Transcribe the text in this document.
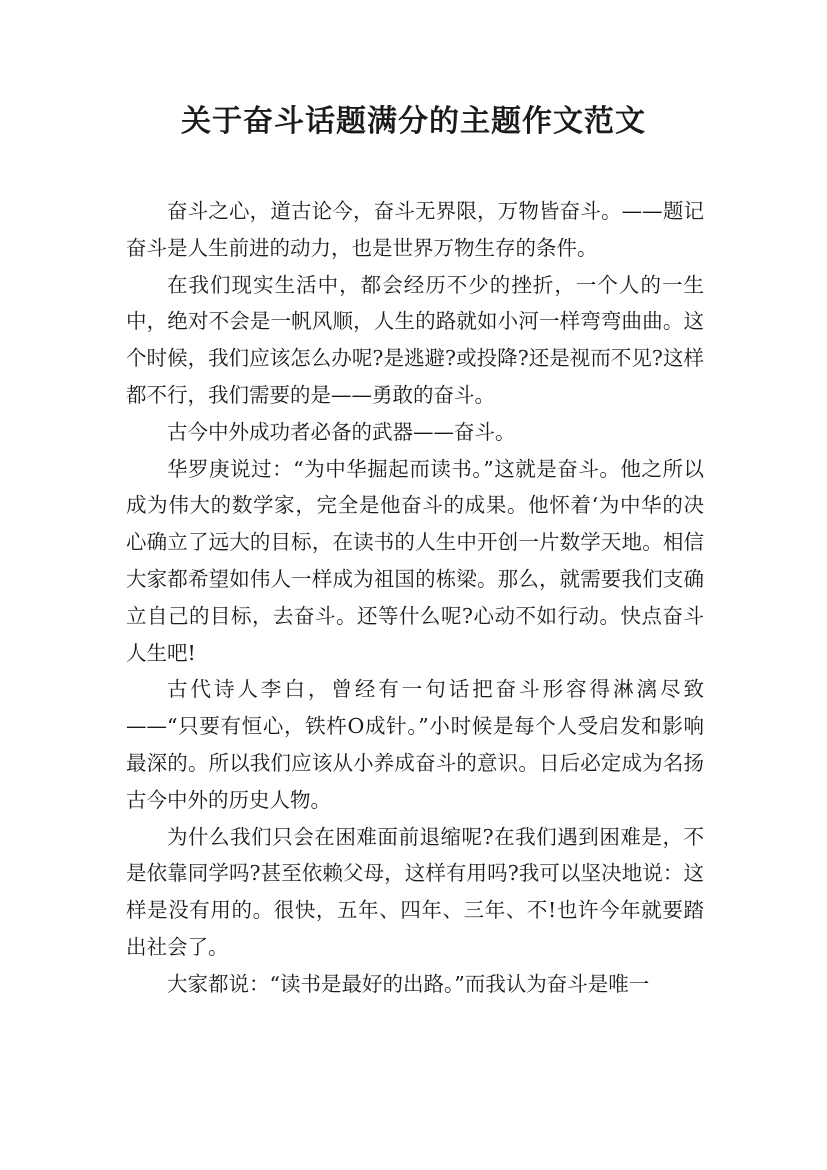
关于奋斗话题满分的主题作文范文

奋斗之心，道古论今，奋斗无界限，万物皆奋斗。——题记奋斗是人生前进的动力，也是世界万物生存的条件。

在我们现实生活中，都会经历不少的挫折，一个人的一生中，绝对不会是一帆风顺，人生的路就如小河一样弯弯曲曲。这个时候，我们应该怎么办呢?是逃避?或投降?还是视而不见?这样都不行，我们需要的是——勇敢的奋斗。

古今中外成功者必备的武器——奋斗。

华罗庚说过：“为中华掘起而读书。”这就是奋斗。他之所以成为伟大的数学家，完全是他奋斗的成果。他怀着‘为中华的决心确立了远大的目标，在读书的人生中开创一片数学天地。相信大家都希望如伟人一样成为祖国的栋梁。那么，就需要我们支确立自己的目标，去奋斗。还等什么呢?心动不如行动。快点奋斗人生吧!

古代诗人李白，曾经有一句话把奋斗形容得淋漓尽致——“只要有恒心，铁杵Ο成针。”小时候是每个人受启发和影响最深的。所以我们应该从小养成奋斗的意识。日后必定成为名扬古今中外的历史人物。

为什么我们只会在困难面前退缩呢?在我们遇到困难是，不是依靠同学吗?甚至依赖父母，这样有用吗?我可以坚决地说：这样是没有用的。很快，五年、四年、三年、不!也许今年就要踏出社会了。

大家都说：“读书是最好的出路。”而我认为奋斗是唯一
